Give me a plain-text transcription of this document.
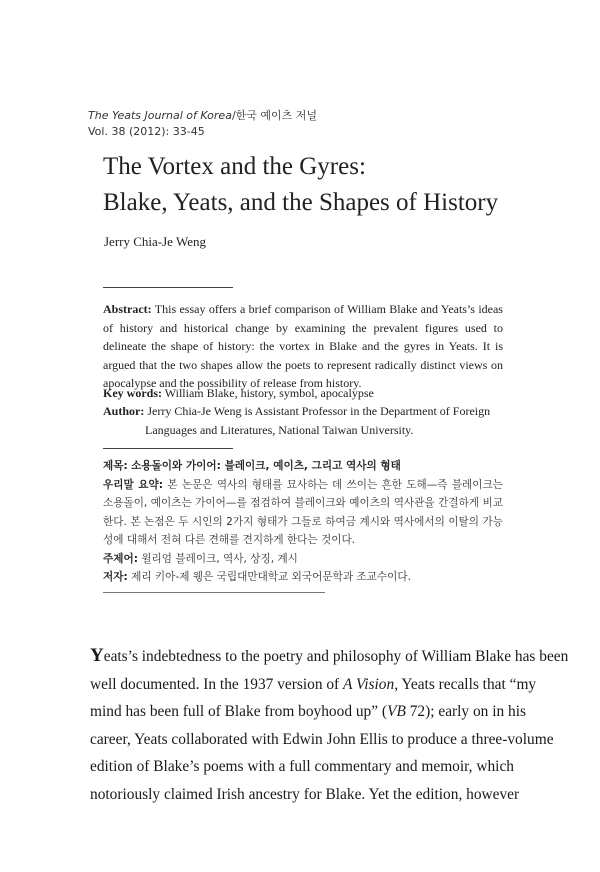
The Yeats Journal of Korea/한국 예이츠 저널
Vol. 38 (2012): 33-45
The Vortex and the Gyres:
Blake, Yeats, and the Shapes of History
Jerry Chia-Je Weng
Abstract: This essay offers a brief comparison of William Blake and Yeats’s ideas of history and historical change by examining the prevalent figures used to delineate the shape of history: the vortex in Blake and the gyres in Yeats. It is argued that the two shapes allow the poets to represent radically distinct views on apocalypse and the possibility of release from history.
Key words: William Blake, history, symbol, apocalypse
Author: Jerry Chia-Je Weng is Assistant Professor in the Department of Foreign
Languages and Literatures, National Taiwan University.
제목: 소용돌이와 가이어: 블레이크, 예이츠, 그리고 역사의 형태
우리말 요약: 본 논문은 역사의 형태를 묘사하는 데 쓰이는 흔한 도해—즉 블레이크는 소용돌이, 예이츠는 가이어—를 점검하여 블레이크와 예이츠의 역사관을 간결하게 비교한다. 본 논점은 두 시인의 2가지 형태가 그들로 하여금 계시와 역사에서의 이탈의 가능성에 대해서 전혀 다른 견해를 견지하게 한다는 것이다.
주제어: 윌리엄 블레이크, 역사, 상징, 계시
저자: 제리 키아-제 웽은 국립대만대학교 외국어문학과 조교수이다.
Yeats’s indebtedness to the poetry and philosophy of William Blake has been
well documented. In the 1937 version of A Vision, Yeats recalls that “my
mind has been full of Blake from boyhood up” (VB 72); early on in his
career, Yeats collaborated with Edwin John Ellis to produce a three-volume
edition of Blake’s poems with a full commentary and memoir, which
notoriously claimed Irish ancestry for Blake. Yet the edition, however
